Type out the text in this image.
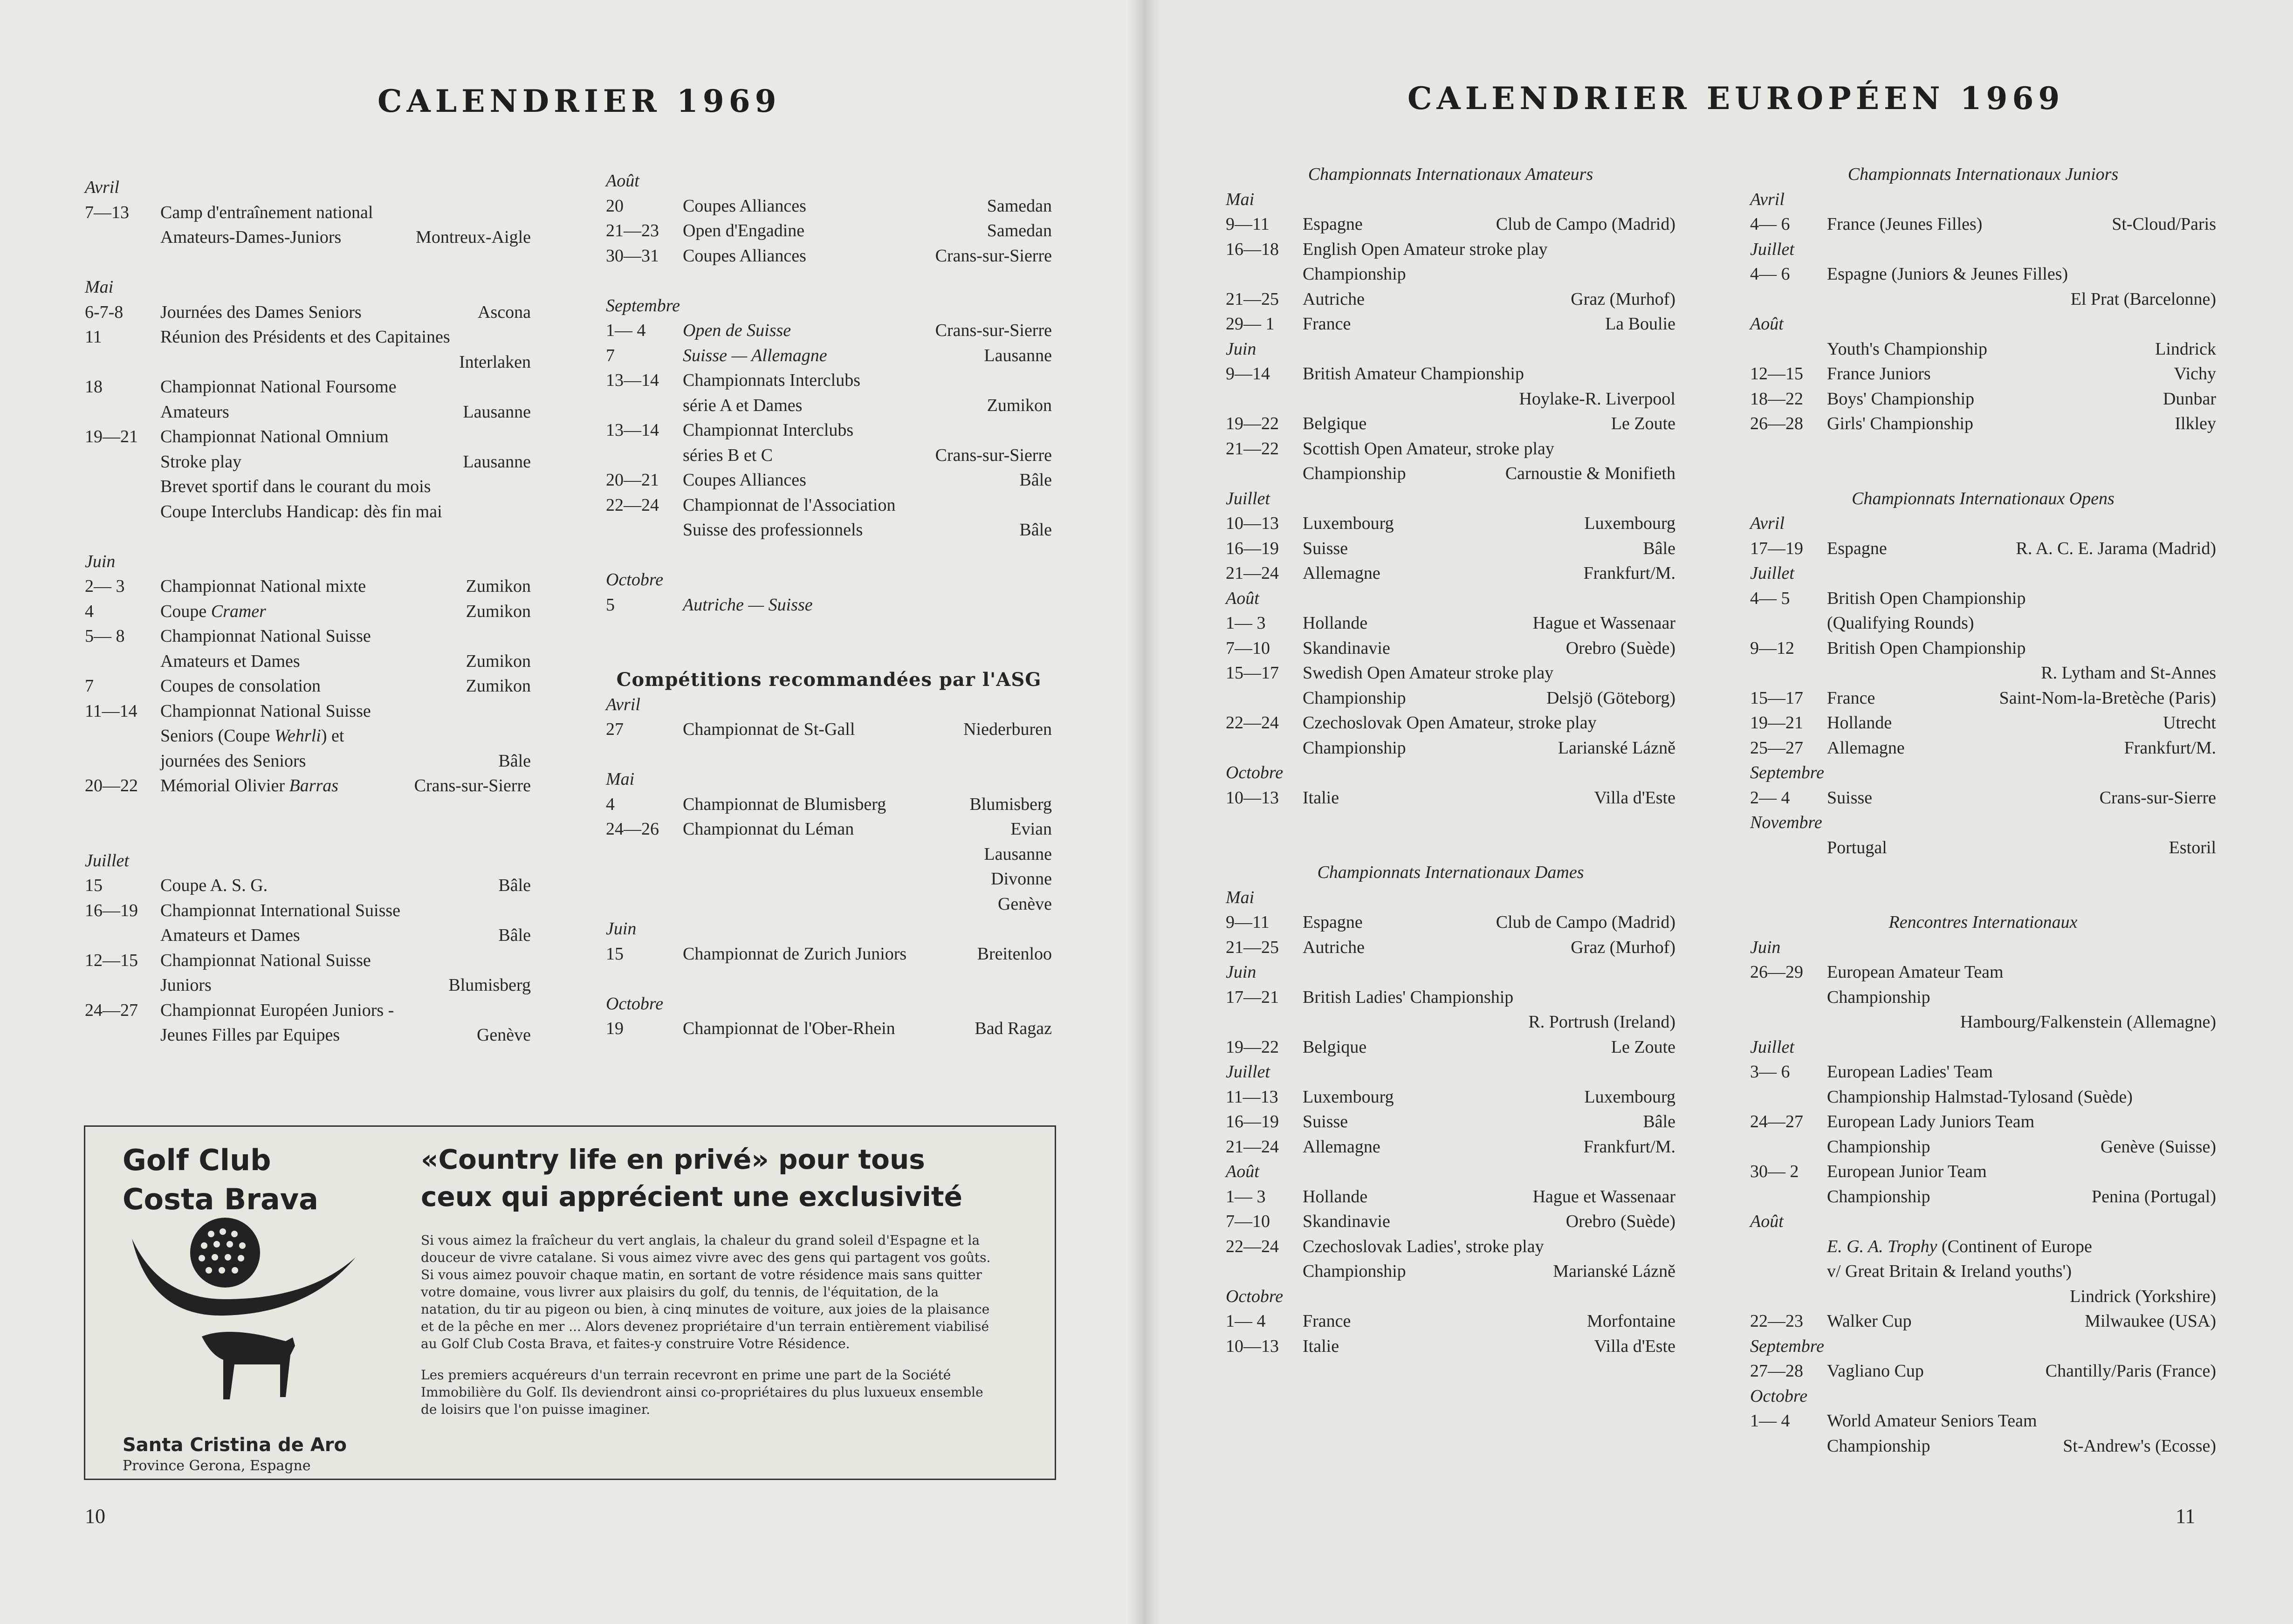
CALENDRIER 1969
Avril
7—13 Camp d'entraînement national
Amateurs-Dames-Juniors	Montreux-Aigle
Mai
6-7-8 Journées des Dames Seniors	Ascona
11	Réunion des Présidents et des Capitaines
Interlaken
18	Championnat National Foursome
Amateurs	Lausanne
19—21 Championnat National Omnium
Stroke play	Lausanne
Brevet sportif dans le courant du mois
Coupe Interclubs Handicap: dès fin mai
Juin
2— 3 Championnat National mixte	Zumikon
4	Coupe Cramer	Zumikon
5— 8 Championnat National Suisse
Amateurs et Dames	Zumikon
7	Coupes de consolation	Zumikon
11—14 Championnat National Suisse
Seniors (Coupe Wehrli) et
journées des Seniors	Bâle
20—22 Mémorial Olivier Barras	Crans-sur-Sierre
Juillet
15	Coupe A. S. G.	Bâle
16—19 Championnat International Suisse
Amateurs et Dames	Bâle
12—15 Championnat National Suisse
Juniors	Blumisberg
24—27 Championnat Européen Juniors -
Jeunes Filles par Equipes	Genève
Août
20	Coupes Alliances	Samedan
21—23 Open d'Engadine	Samedan
30—31 Coupes Alliances	Crans-sur-Sierre
Septembre
1— 4 Open de Suisse	Crans-sur-Sierre
7	Suisse — Allemagne	Lausanne
13—14 Championnats Interclubs
série A et Dames	Zumikon
13—14 Championnat Interclubs
séries B et C	Crans-sur-Sierre
20—21 Coupes Alliances	Bâle
22—24 Championnat de l'Association
Suisse des professionnels	Bâle
Octobre
5	Autriche — Suisse
Compétitions recommandées par l'ASG
Avril
27	Championnat de St-Gall	Niederburen
Mai
4	Championnat de Blumisberg	Blumisberg
24—26 Championnat du Léman	Evian
Lausanne
Divonne
Genève
Juin
15	Championnat de Zurich Juniors	Breitenloo
Octobre
19	Championnat de l'Ober-Rhein	Bad Ragaz
Golf Club
Costa Brava
«Country life en privé» pour tous
ceux qui apprécient une exclusivité

Si vous aimez la fraîcheur du vert anglais, la chaleur du grand soleil d'Espagne et la douceur de vivre catalane. Si vous aimez vivre avec des gens qui partagent vos goûts. Si vous aimez pouvoir chaque matin, en sortant de votre résidence mais sans quitter votre domaine, vous livrer aux plaisirs du golf, du tennis, de l'équitation, de la natation, du tir au pigeon ou bien, à cinq minutes de voiture, aux joies de la plaisance et de la pêche en mer ... Alors devenez propriétaire d'un terrain entièrement viabilisé au Golf Club Costa Brava, et faites-y construire Votre Résidence.

Les premiers acquéreurs d'un terrain recevront en prime une part de la Société Immobilière du Golf. Ils deviendront ainsi co-propriétaires du plus luxueux ensemble de loisirs que l'on puisse imaginer.

Santa Cristina de Aro
Province Gerona, Espagne
10
CALENDRIER EUROPÉEN 1969
Championnats Internationaux Amateurs
Mai
9—11 Espagne	Club de Campo (Madrid)
16—18 English Open Amateur stroke play
Championship
21—25 Autriche	Graz (Murhof)
29— 1 France	La Boulie
Juin
9—14 British Amateur Championship
Hoylake-R. Liverpool
19—22 Belgique	Le Zoute
21—22 Scottish Open Amateur, stroke play
Championship	Carnoustie & Monifieth
Juillet
10—13 Luxembourg	Luxembourg
16—19 Suisse	Bâle
21—24 Allemagne	Frankfurt/M.
Août
1— 3 Hollande	Hague et Wassenaar
7—10 Skandinavie	Orebro (Suède)
15—17 Swedish Open Amateur stroke play
Championship	Delsjö (Göteborg)
22—24 Czechoslovak Open Amateur, stroke play
Championship	Larianské Lázně
Octobre
10—13 Italie	Villa d'Este
Championnats Internationaux Dames
Mai
9—11 Espagne	Club de Campo (Madrid)
21—25 Autriche	Graz (Murhof)
Juin
17—21 British Ladies' Championship
R. Portrush (Ireland)
19—22 Belgique	Le Zoute
Juillet
11—13 Luxembourg	Luxembourg
16—19 Suisse	Bâle
21—24 Allemagne	Frankfurt/M.
Août
1— 3 Hollande	Hague et Wassenaar
7—10 Skandinavie	Orebro (Suède)
22—24 Czechoslovak Ladies', stroke play
Championship	Marianské Lázně
Octobre
1— 4 France	Morfontaine
10—13 Italie	Villa d'Este
Championnats Internationaux Juniors
Avril
4— 6 France (Jeunes Filles)	St-Cloud/Paris
Juillet
4— 6 Espagne (Juniors & Jeunes Filles)
El Prat (Barcelonne)
Août
Youth's Championship	Lindrick
12—15 France Juniors	Vichy
18—22 Boys' Championship	Dunbar
26—28 Girls' Championship	Ilkley
Championnats Internationaux Opens
Avril
17—19 Espagne	R. A. C. E. Jarama (Madrid)
Juillet
4— 5 British Open Championship
(Qualifying Rounds)
9—12 British Open Championship
R. Lytham and St-Annes
15—17 France	Saint-Nom-la-Bretèche (Paris)
19—21 Hollande	Utrecht
25—27 Allemagne	Frankfurt/M.
Septembre
2— 4 Suisse	Crans-sur-Sierre
Novembre
Portugal	Estoril
Rencontres Internationaux
Juin
26—29 European Amateur Team
Championship
Hambourg/Falkenstein (Allemagne)
Juillet
3— 6 European Ladies' Team
Championship Halmstad-Tylosand (Suède)
24—27 European Lady Juniors Team
Championship	Genève (Suisse)
30— 2 European Junior Team
Championship	Penina (Portugal)
Août
E. G. A. Trophy (Continent of Europe
v/ Great Britain & Ireland youths')
Lindrick (Yorkshire)
22—23 Walker Cup	Milwaukee (USA)
Septembre
27—28 Vagliano Cup	Chantilly/Paris (France)
Octobre
1— 4 World Amateur Seniors Team
Championship	St-Andrew's (Ecosse)
11
